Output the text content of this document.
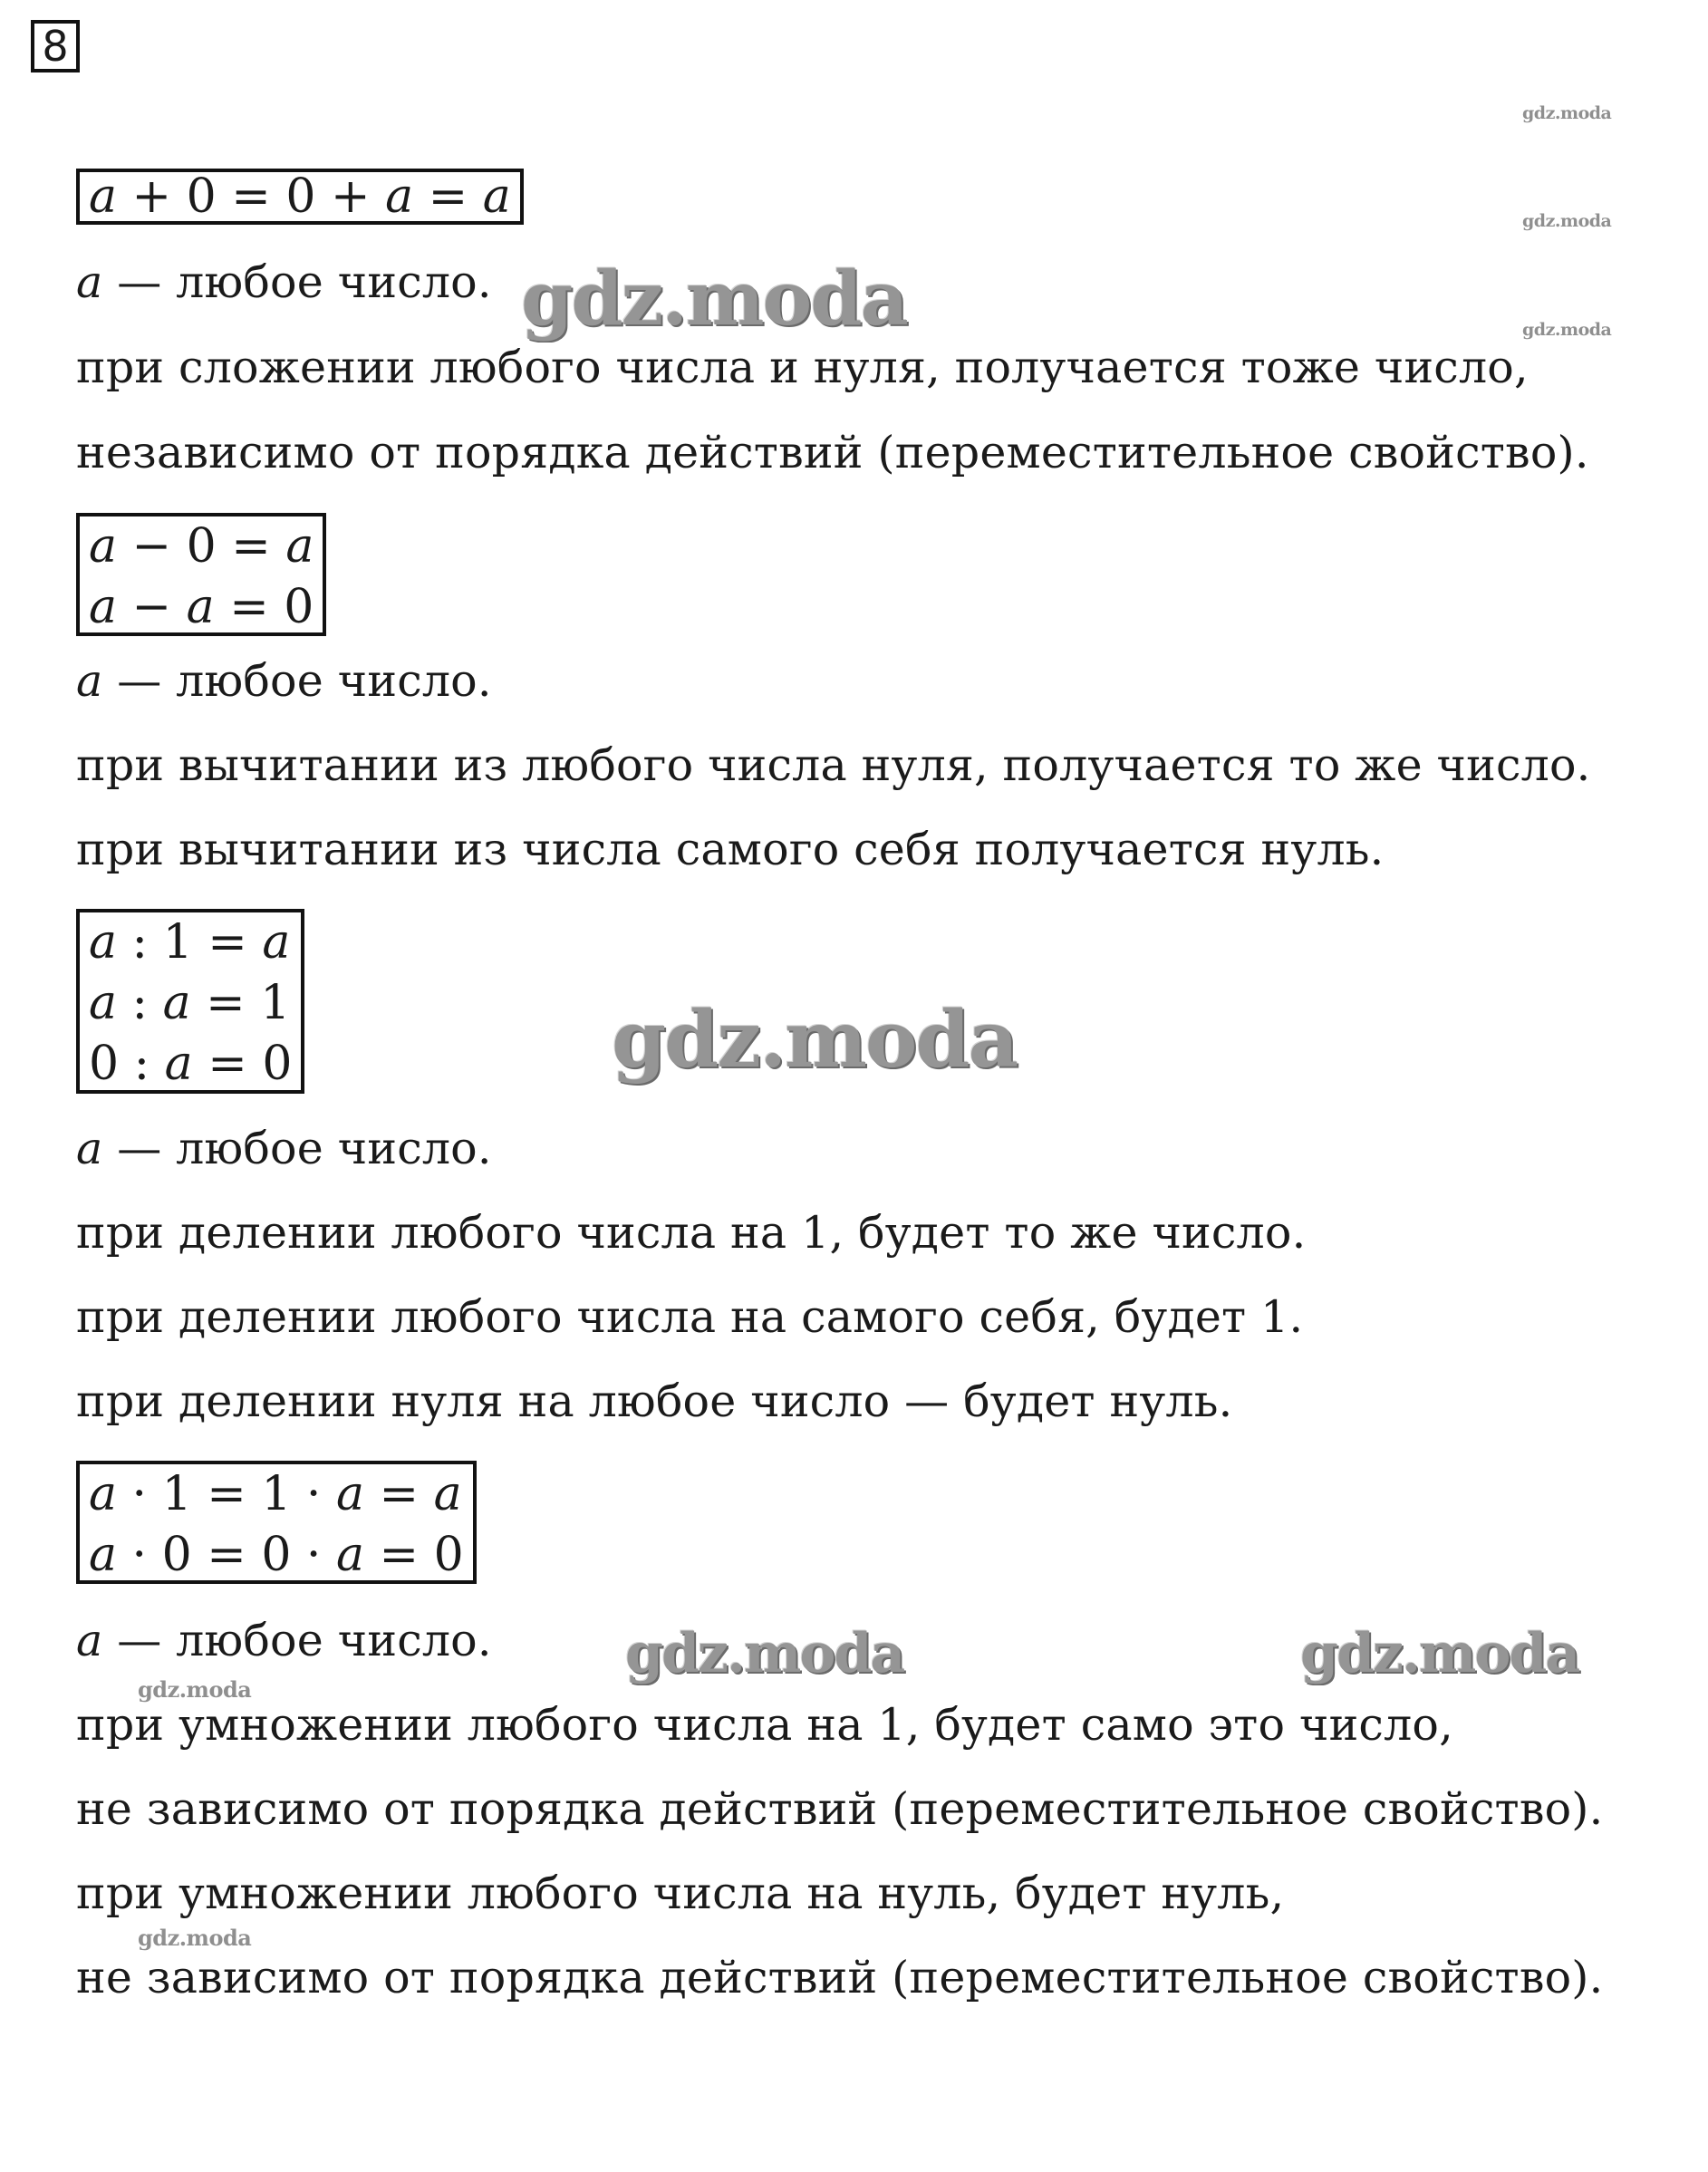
8
a + 0 = 0 + a = a
a — любое число.
при сложении любого числа и нуля, получается тоже число,
независимо от порядка действий (переместительное свойство).
a − 0 = a
a − a = 0
a — любое число.
при вычитании из любого числа нуля, получается то же число.
при вычитании из числа самого себя получается нуль.
a : 1 = a
a : a = 1
0 : a = 0
a — любое число.
при делении любого числа на 1, будет то же число.
при делении любого числа на самого себя, будет 1.
при делении нуля на любое число — будет нуль.
a · 1 = 1 · a = a
a · 0 = 0 · a = 0
a — любое число.
при умножении любого числа на 1, будет само это число,
не зависимо от порядка действий (переместительное свойство).
при умножении любого числа на нуль, будет нуль,
не зависимо от порядка действий (переместительное свойство).
gdz.moda
gdz.moda
gdz.moda
gdz.moda
gdz.moda
gdz.moda	gdz.moda
gdz.moda
gdz.moda
